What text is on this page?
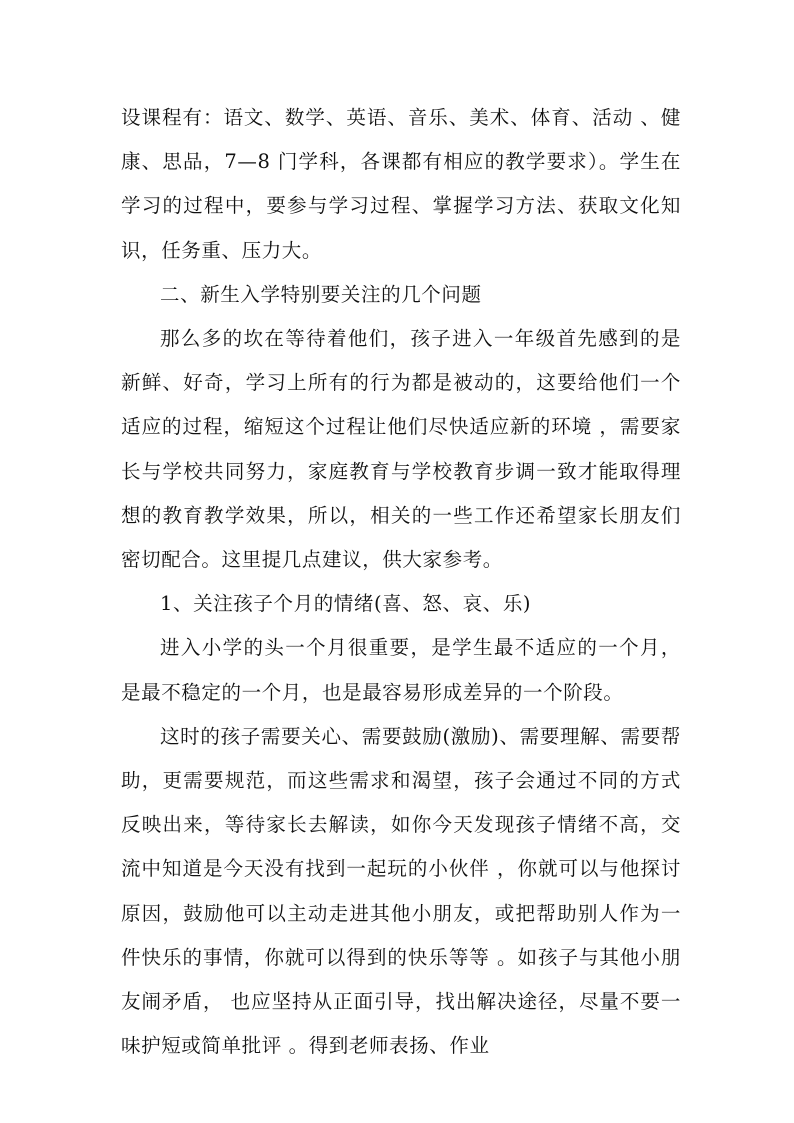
设课程有：语文、数学、英语、音乐、美术、体育、活动 、健康、思品，7—8 门学科，各课都有相应的教学要求）。学生在学习的过程中，要参与学习过程、掌握学习方法、获取文化知识，任务重、压力大。

二、新生入学特别要关注的几个问题

那么多的坎在等待着他们，孩子进入一年级首先感到的是新鲜、好奇，学习上所有的行为都是被动的，这要给他们一个适应的过程，缩短这个过程让他们尽快适应新的环境 ，需要家长与学校共同努力，家庭教育与学校教育步调一致才能取得理想的教育教学效果，所以，相关的一些工作还希望家长朋友们密切配合。这里提几点建议，供大家参考。

1、关注孩子个月的情绪(喜、怒、哀、乐)

进入小学的头一个月很重要，是学生最不适应的一个月，是最不稳定的一个月，也是最容易形成差异的一个阶段。

这时的孩子需要关心、需要鼓励(激励)、需要理解、需要帮助，更需要规范，而这些需求和渴望，孩子会通过不同的方式反映出来，等待家长去解读，如你今天发现孩子情绪不高，交流中知道是今天没有找到一起玩的小伙伴 ，你就可以与他探讨原因，鼓励他可以主动走进其他小朋友，或把帮助别人作为一件快乐的事情，你就可以得到的快乐等等 。如孩子与其他小朋友闹矛盾， 也应坚持从正面引导，找出解决途径，尽量不要一味护短或简单批评 。得到老师表扬、作业
